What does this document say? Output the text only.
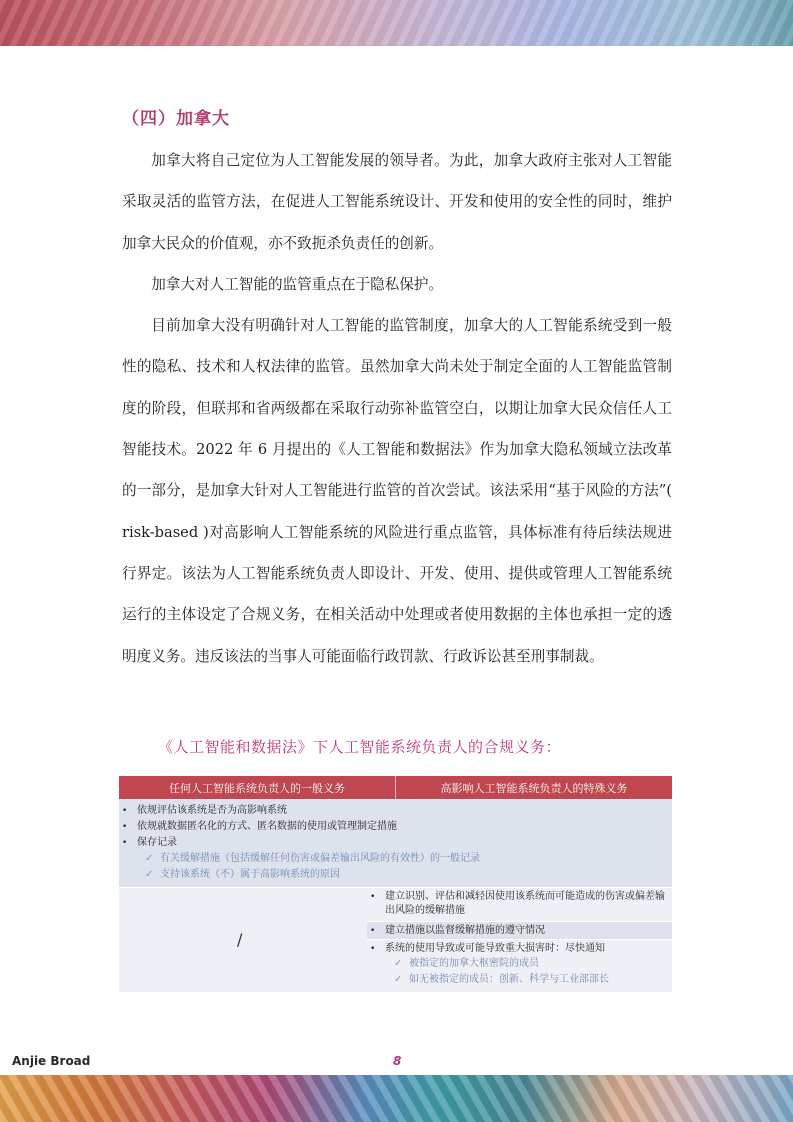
（四）加拿大

加拿大将自己定位为人工智能发展的领导者。为此，加拿大政府主张对人工智能采取灵活的监管方法，在促进人工智能系统设计、开发和使用的安全性的同时，维护加拿大民众的价值观，亦不致扼杀负责任的创新。

加拿大对人工智能的监管重点在于隐私保护。

目前加拿大没有明确针对人工智能的监管制度，加拿大的人工智能系统受到一般性的隐私、技术和人权法律的监管。虽然加拿大尚未处于制定全面的人工智能监管制度的阶段，但联邦和省两级都在采取行动弥补监管空白，以期让加拿大民众信任人工智能技术。2022 年 6 月提出的《人工智能和数据法》作为加拿大隐私领域立法改革的一部分，是加拿大针对人工智能进行监管的首次尝试。该法采用“基于风险的方法”( risk-based )对高影响人工智能系统的风险进行重点监管，具体标准有待后续法规进行界定。该法为人工智能系统负责人即设计、开发、使用、提供或管理人工智能系统运行的主体设定了合规义务，在相关活动中处理或者使用数据的主体也承担一定的透明度义务。违反该法的当事人可能面临行政罚款、行政诉讼甚至刑事制裁。

《人工智能和数据法》下人工智能系统负责人的合规义务：
任何人工智能系统负责人的一般义务	高影响人工智能系统负责人的特殊义务
• 依规评估该系统是否为高影响系统
• 依规就数据匿名化的方式、匿名数据的使用或管理制定措施
• 保存记录
✓ 有关缓解措施（包括缓解任何伤害或偏差输出风险的有效性）的一般记录
✓ 支持该系统（不）属于高影响系统的原因
/
• 建立识别、评估和减轻因使用该系统而可能造成的伤害或偏差输出风险的缓解措施
• 建立措施以监督缓解措施的遵守情况
• 系统的使用导致或可能导致重大损害时：尽快通知
✓ 被指定的加拿大枢密院的成员
✓ 如无被指定的成员：创新、科学与工业部部长
Anjie Broad	8
